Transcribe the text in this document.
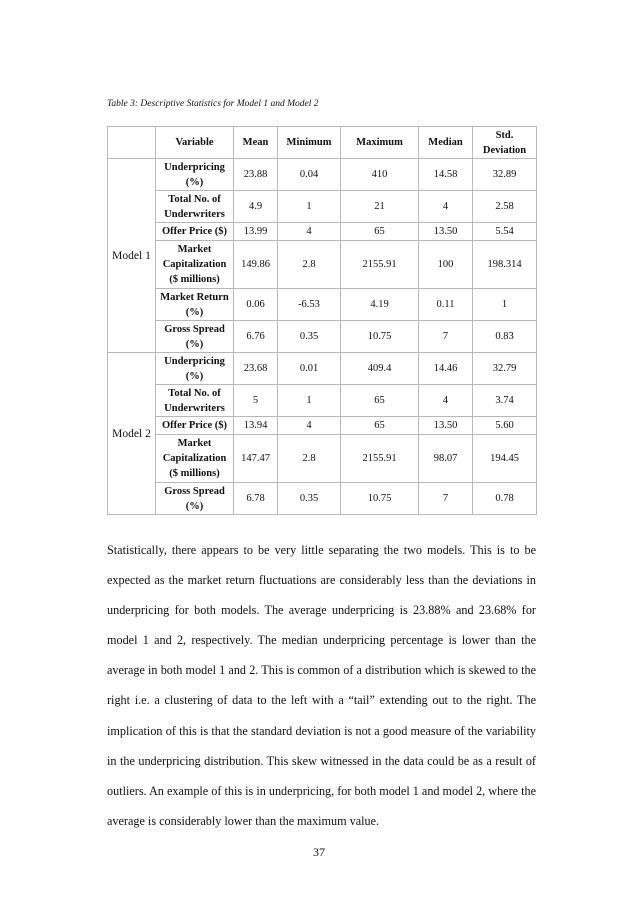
Table 3: Descriptive Statistics for Model 1 and Model 2
	Variable	Mean	Minimum	Maximum	Median	Std. Deviation
Model 1	Underpricing (%)	23.88	0.04	410	14.58	32.89
	Total No. of Underwriters	4.9	1	21	4	2.58
	Offer Price ($)	13.99	4	65	13.50	5.54
	Market Capitalization ($ millions)	149.86	2.8	2155.91	100	198.314
	Market Return (%)	0.06	-6.53	4.19	0.11	1
	Gross Spread (%)	6.76	0.35	10.75	7	0.83
Model 2	Underpricing (%)	23.68	0.01	409.4	14.46	32.79
	Total No. of Underwriters	5	1	65	4	3.74
	Offer Price ($)	13.94	4	65	13.50	5.60
	Market Capitalization ($ millions)	147.47	2.8	2155.91	98.07	194.45
	Gross Spread (%)	6.78	0.35	10.75	7	0.78

Statistically, there appears to be very little separating the two models. This is to be expected as the market return fluctuations are considerably less than the deviations in underpricing for both models. The average underpricing is 23.88% and 23.68% for model 1 and 2, respectively. The median underpricing percentage is lower than the average in both model 1 and 2. This is common of a distribution which is skewed to the right i.e. a clustering of data to the left with a “tail” extending out to the right. The implication of this is that the standard deviation is not a good measure of the variability in the underpricing distribution. This skew witnessed in the data could be as a result of outliers. An example of this is in underpricing, for both model 1 and model 2, where the average is considerably lower than the maximum value.

37
